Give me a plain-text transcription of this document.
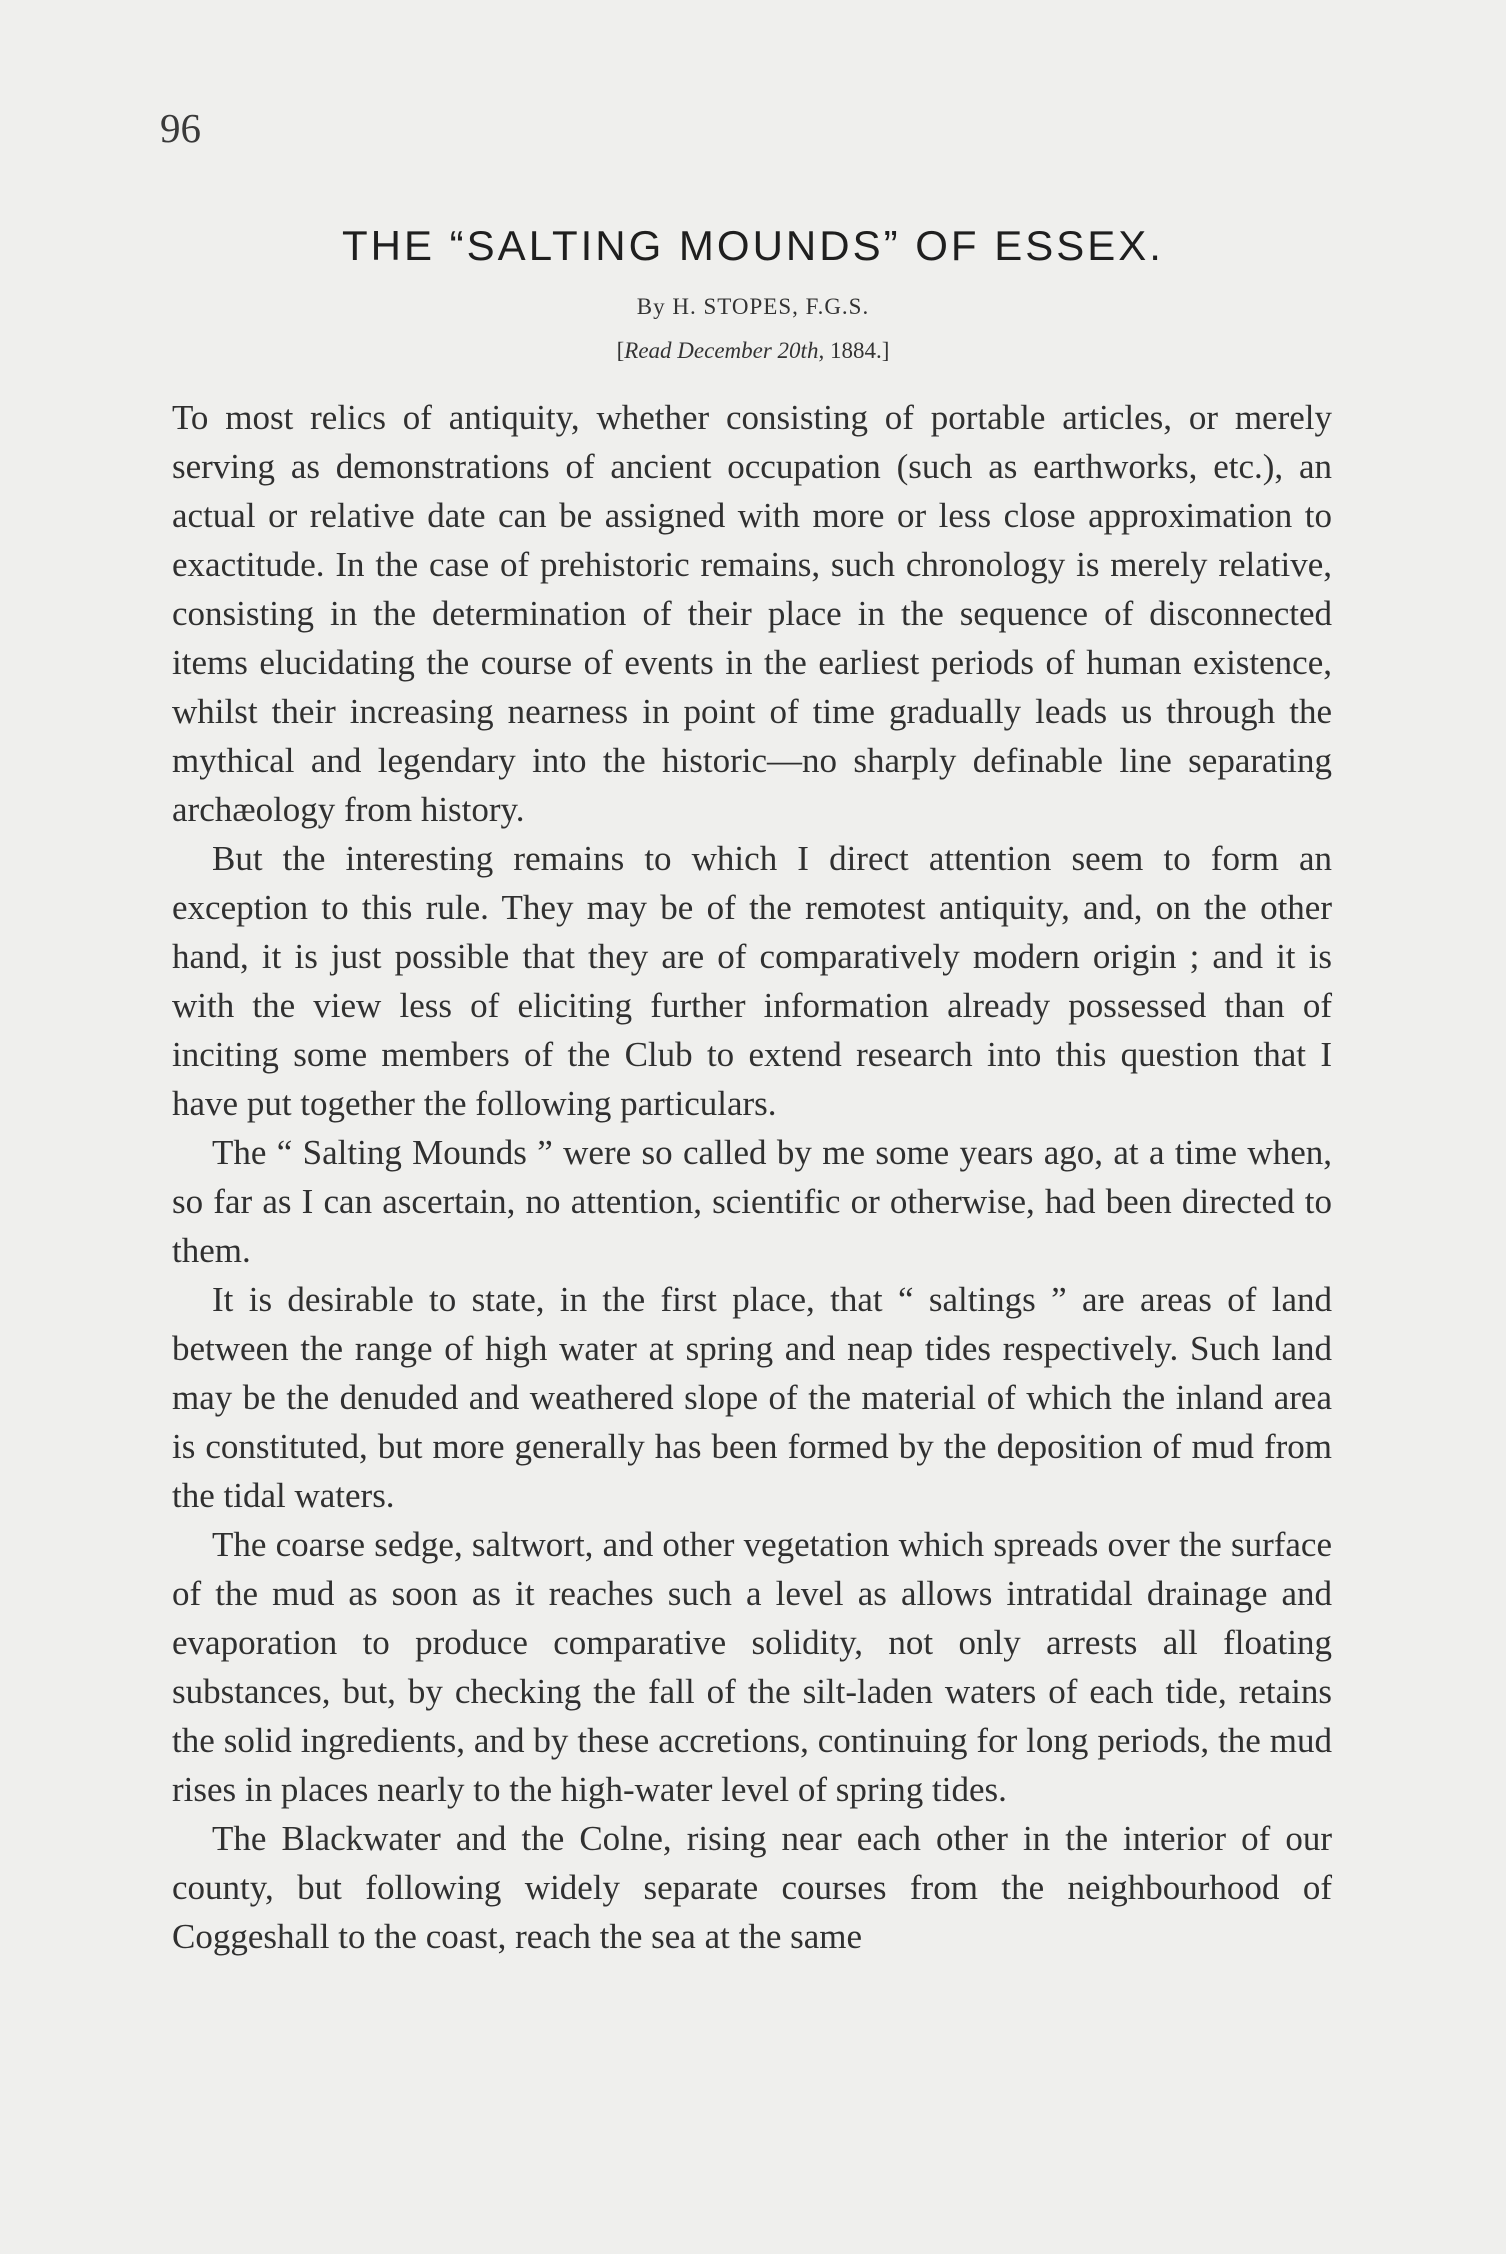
96
THE “SALTING MOUNDS” OF ESSEX.
By H. STOPES, F.G.S.
[Read December 20th, 1884.]

To most relics of antiquity, whether consisting of portable articles, or merely serving as demonstrations of ancient occupation (such as earthworks, etc.), an actual or relative date can be assigned with more or less close approximation to exactitude. In the case of prehistoric remains, such chronology is merely relative, consisting in the determination of their place in the sequence of disconnected items elucidating the course of events in the earliest periods of human existence, whilst their increasing nearness in point of time gradually leads us through the mythical and legendary into the historic—no sharply definable line separating archæology from history.

But the interesting remains to which I direct attention seem to form an exception to this rule. They may be of the remotest antiquity, and, on the other hand, it is just possible that they are of comparatively modern origin ; and it is with the view less of eliciting further information already possessed than of inciting some members of the Club to extend research into this question that I have put together the following particulars.

The “ Salting Mounds ” were so called by me some years ago, at a time when, so far as I can ascertain, no attention, scientific or otherwise, had been directed to them.

It is desirable to state, in the first place, that “ saltings ” are areas of land between the range of high water at spring and neap tides respectively. Such land may be the denuded and weathered slope of the material of which the inland area is constituted, but more generally has been formed by the deposition of mud from the tidal waters.

The coarse sedge, saltwort, and other vegetation which spreads over the surface of the mud as soon as it reaches such a level as allows intratidal drainage and evaporation to produce comparative solidity, not only arrests all floating substances, but, by checking the fall of the silt-laden waters of each tide, retains the solid ingredients, and by these accretions, continuing for long periods, the mud rises in places nearly to the high-water level of spring tides.

The Blackwater and the Colne, rising near each other in the interior of our county, but following widely separate courses from the neighbourhood of Coggeshall to the coast, reach the sea at the same
